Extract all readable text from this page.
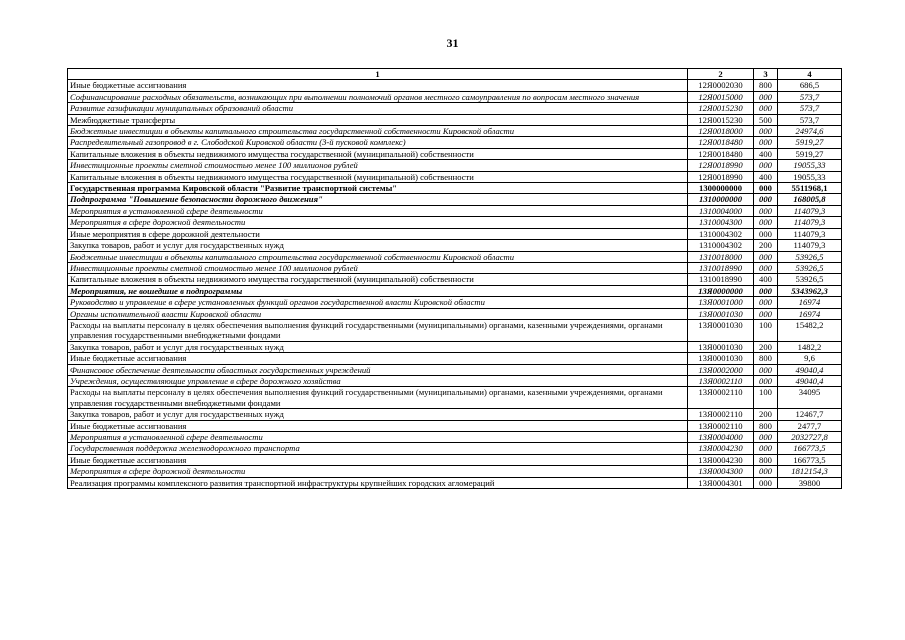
31
1	2	3	4
Иные бюджетные ассигнования	12Я0002030	800	686,5
Софинансирование расходных обязательств, возникающих при выполнении полномочий органов местного самоуправления по вопросам местного значения	12Я0015000	000	573,7
Развитие газификации муниципальных образований области	12Я0015230	000	573,7
Межбюджетные трансферты	12Я0015230	500	573,7
Бюджетные инвестиции в объекты капитального строительства государственной собственности Кировской области	12Я0018000	000	24974,6
Распределительный газопровод в г. Слободской Кировской области (3-й пусковой комплекс)	12Я0018480	000	5919,27
Капитальные вложения в объекты недвижимого имущества государственной (муниципальной) собственности	12Я0018480	400	5919,27
Инвестиционные проекты сметной стоимостью менее 100 миллионов рублей	12Я0018990	000	19055,33
Капитальные вложения в объекты недвижимого имущества государственной (муниципальной) собственности	12Я0018990	400	19055,33
Государственная программа Кировской области "Развитие транспортной системы"	1300000000	000	5511968,1
Подпрограмма "Повышение безопасности дорожного движения"	1310000000	000	168005,8
Мероприятия в установленной сфере деятельности	1310004000	000	114079,3
Мероприятия в сфере дорожной деятельности	1310004300	000	114079,3
Иные мероприятия в сфере дорожной деятельности	1310004302	000	114079,3
Закупка товаров, работ и услуг для государственных нужд	1310004302	200	114079,3
Бюджетные инвестиции в объекты капитального строительства государственной собственности Кировской области	1310018000	000	53926,5
Инвестиционные проекты сметной стоимостью менее 100 миллионов рублей	1310018990	000	53926,5
Капитальные вложения в объекты недвижимого имущества государственной (муниципальной) собственности	1310018990	400	53926,5
Мероприятия, не вошедшие в подпрограммы	13Я0000000	000	5343962,3
Руководство и управление в сфере установленных функций органов государственной власти Кировской области	13Я0001000	000	16974
Органы исполнительной власти Кировской области	13Я0001030	000	16974
Расходы на выплаты персоналу в целях обеспечения выполнения функций государственными (муниципальными) органами, казенными учреждениями, органами управления государственными внебюджетными фондами	13Я0001030	100	15482,2
Закупка товаров, работ и услуг для государственных нужд	13Я0001030	200	1482,2
Иные бюджетные ассигнования	13Я0001030	800	9,6
Финансовое обеспечение деятельности областных государственных учреждений	13Я0002000	000	49040,4
Учреждения, осуществляющие управление в сфере дорожного хозяйства	13Я0002110	000	49040,4
Расходы на выплаты персоналу в целях обеспечения выполнения функций государственными (муниципальными) органами, казенными учреждениями, органами управления государственными внебюджетными фондами	13Я0002110	100	34095
Закупка товаров, работ и услуг для государственных нужд	13Я0002110	200	12467,7
Иные бюджетные ассигнования	13Я0002110	800	2477,7
Мероприятия в установленной сфере деятельности	13Я0004000	000	2032727,8
Государственная поддержка железнодорожного транспорта	13Я0004230	000	166773,5
Иные бюджетные ассигнования	13Я0004230	800	166773,5
Мероприятия в сфере дорожной деятельности	13Я0004300	000	1812154,3
Реализация программы комплексного развития транспортной инфраструктуры крупнейших городских агломераций	13Я0004301	000	39800
